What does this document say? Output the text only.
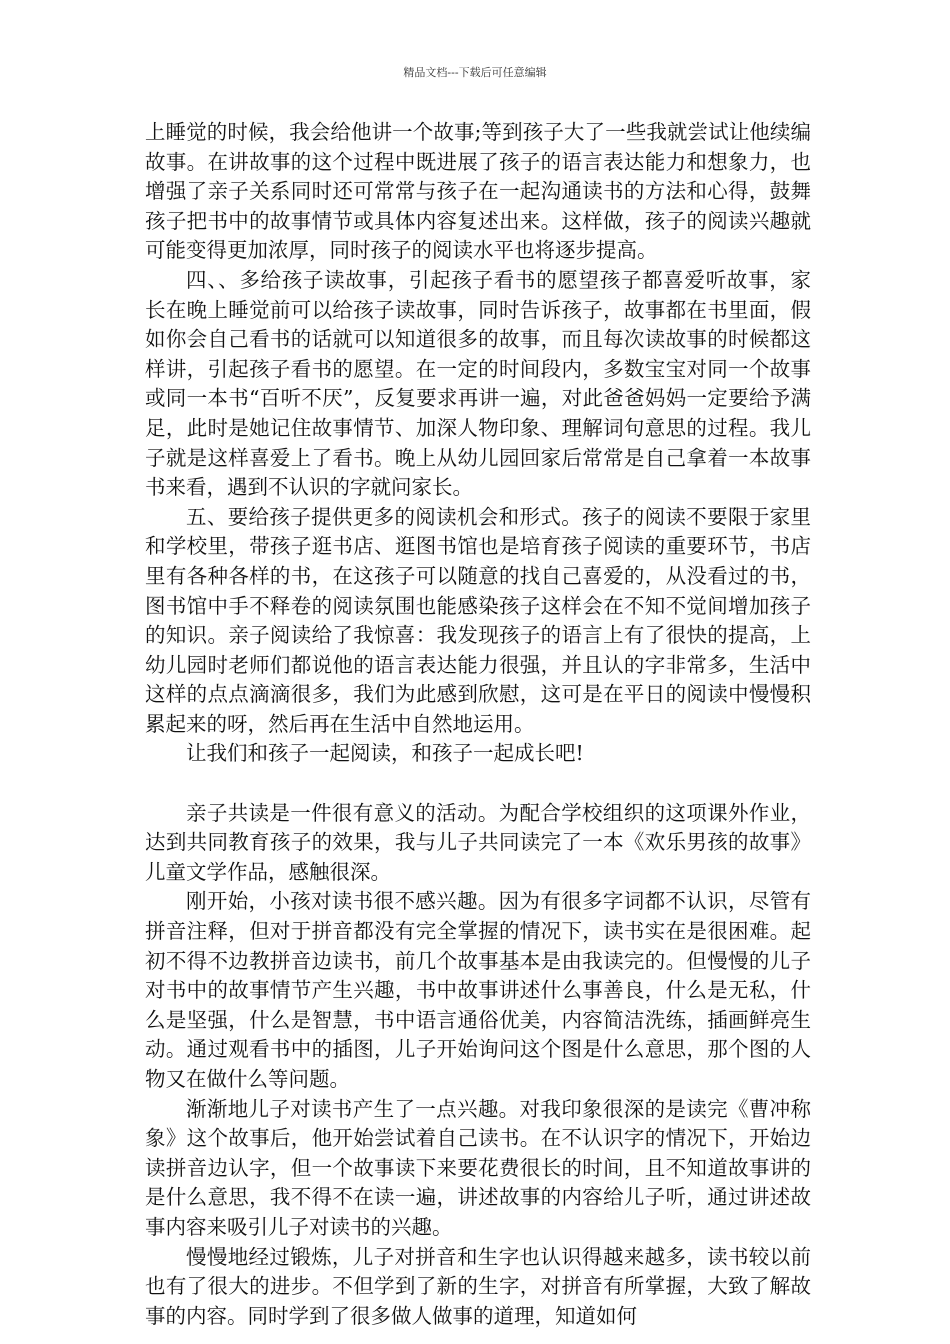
精品文档---下载后可任意编辑

上睡觉的时候，我会给他讲一个故事;等到孩子大了一些我就尝试让他续编故事。在讲故事的这个过程中既进展了孩子的语言表达能力和想象力，也增强了亲子关系同时还可常常与孩子在一起沟通读书的方法和心得，鼓舞孩子把书中的故事情节或具体内容复述出来。这样做，孩子的阅读兴趣就可能变得更加浓厚，同时孩子的阅读水平也将逐步提高。

四、、多给孩子读故事，引起孩子看书的愿望孩子都喜爱听故事，家长在晚上睡觉前可以给孩子读故事，同时告诉孩子，故事都在书里面，假如你会自己看书的话就可以知道很多的故事，而且每次读故事的时候都这样讲，引起孩子看书的愿望。在一定的时间段内，多数宝宝对同一个故事或同一本书“百听不厌”，反复要求再讲一遍，对此爸爸妈妈一定要给予满足，此时是她记住故事情节、加深人物印象、理解词句意思的过程。我儿子就是这样喜爱上了看书。晚上从幼儿园回家后常常是自己拿着一本故事书来看，遇到不认识的字就问家长。

五、要给孩子提供更多的阅读机会和形式。孩子的阅读不要限于家里和学校里，带孩子逛书店、逛图书馆也是培育孩子阅读的重要环节，书店里有各种各样的书，在这孩子可以随意的找自己喜爱的，从没看过的书，图书馆中手不释卷的阅读氛围也能感染孩子这样会在不知不觉间增加孩子的知识。亲子阅读给了我惊喜：我发现孩子的语言上有了很快的提高，上幼儿园时老师们都说他的语言表达能力很强，并且认的字非常多，生活中这样的点点滴滴很多，我们为此感到欣慰，这可是在平日的阅读中慢慢积累起来的呀，然后再在生活中自然地运用。

让我们和孩子一起阅读，和孩子一起成长吧!

亲子共读是一件很有意义的活动。为配合学校组织的这项课外作业，达到共同教育孩子的效果，我与儿子共同读完了一本《欢乐男孩的故事》儿童文学作品，感触很深。

刚开始，小孩对读书很不感兴趣。因为有很多字词都不认识，尽管有拼音注释，但对于拼音都没有完全掌握的情况下，读书实在是很困难。起初不得不边教拼音边读书，前几个故事基本是由我读完的。但慢慢的儿子对书中的故事情节产生兴趣，书中故事讲述什么事善良，什么是无私，什么是坚强，什么是智慧，书中语言通俗优美，内容简洁洗练，插画鲜亮生动。通过观看书中的插图，儿子开始询问这个图是什么意思，那个图的人物又在做什么等问题。

渐渐地儿子对读书产生了一点兴趣。对我印象很深的是读完《曹冲称象》这个故事后，他开始尝试着自己读书。在不认识字的情况下，开始边读拼音边认字，但一个故事读下来要花费很长的时间，且不知道故事讲的是什么意思，我不得不在读一遍，讲述故事的内容给儿子听，通过讲述故事内容来吸引儿子对读书的兴趣。

慢慢地经过锻炼，儿子对拼音和生字也认识得越来越多，读书较以前也有了很大的进步。不但学到了新的生字，对拼音有所掌握，大致了解故事的内容。同时学到了很多做人做事的道理，知道如何
